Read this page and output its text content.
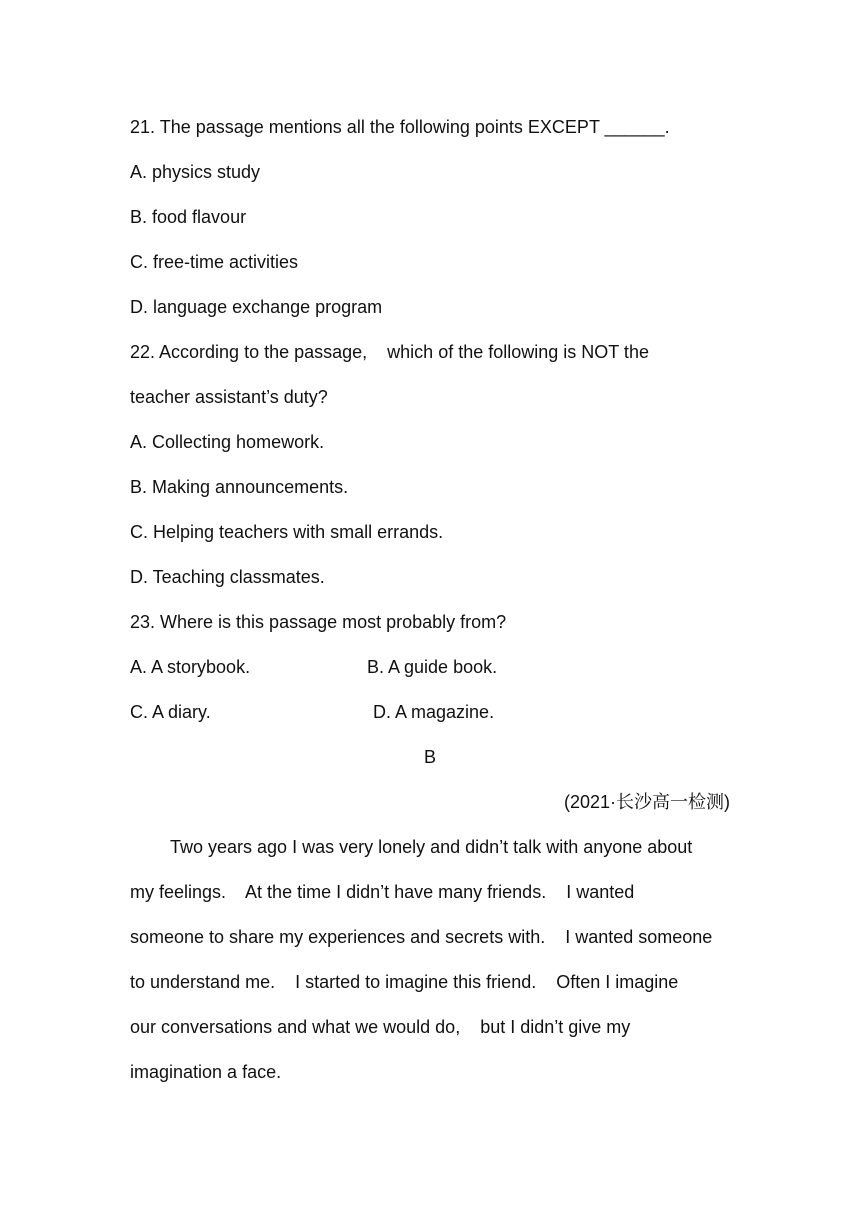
21. The passage mentions all the following points EXCEPT ______.
A. physics study
B. food flavour
C. free-time activities
D. language exchange program
22. According to the passage,    which of the following is NOT the
teacher assistant’s duty?
A. Collecting homework.
B. Making announcements.
C. Helping teachers with small errands.
D. Teaching classmates.
23. Where is this passage most probably from?
A. A storybook.	B. A guide book.
C. A diary.	D. A magazine.
B
(2021·长沙高一检测)
Two years ago I was very lonely and didn’t talk with anyone about
my feelings.    At the time I didn’t have many friends.    I wanted
someone to share my experiences and secrets with.    I wanted someone
to understand me.    I started to imagine this friend.    Often I imagine
our conversations and what we would do,    but I didn’t give my
imagination a face.
